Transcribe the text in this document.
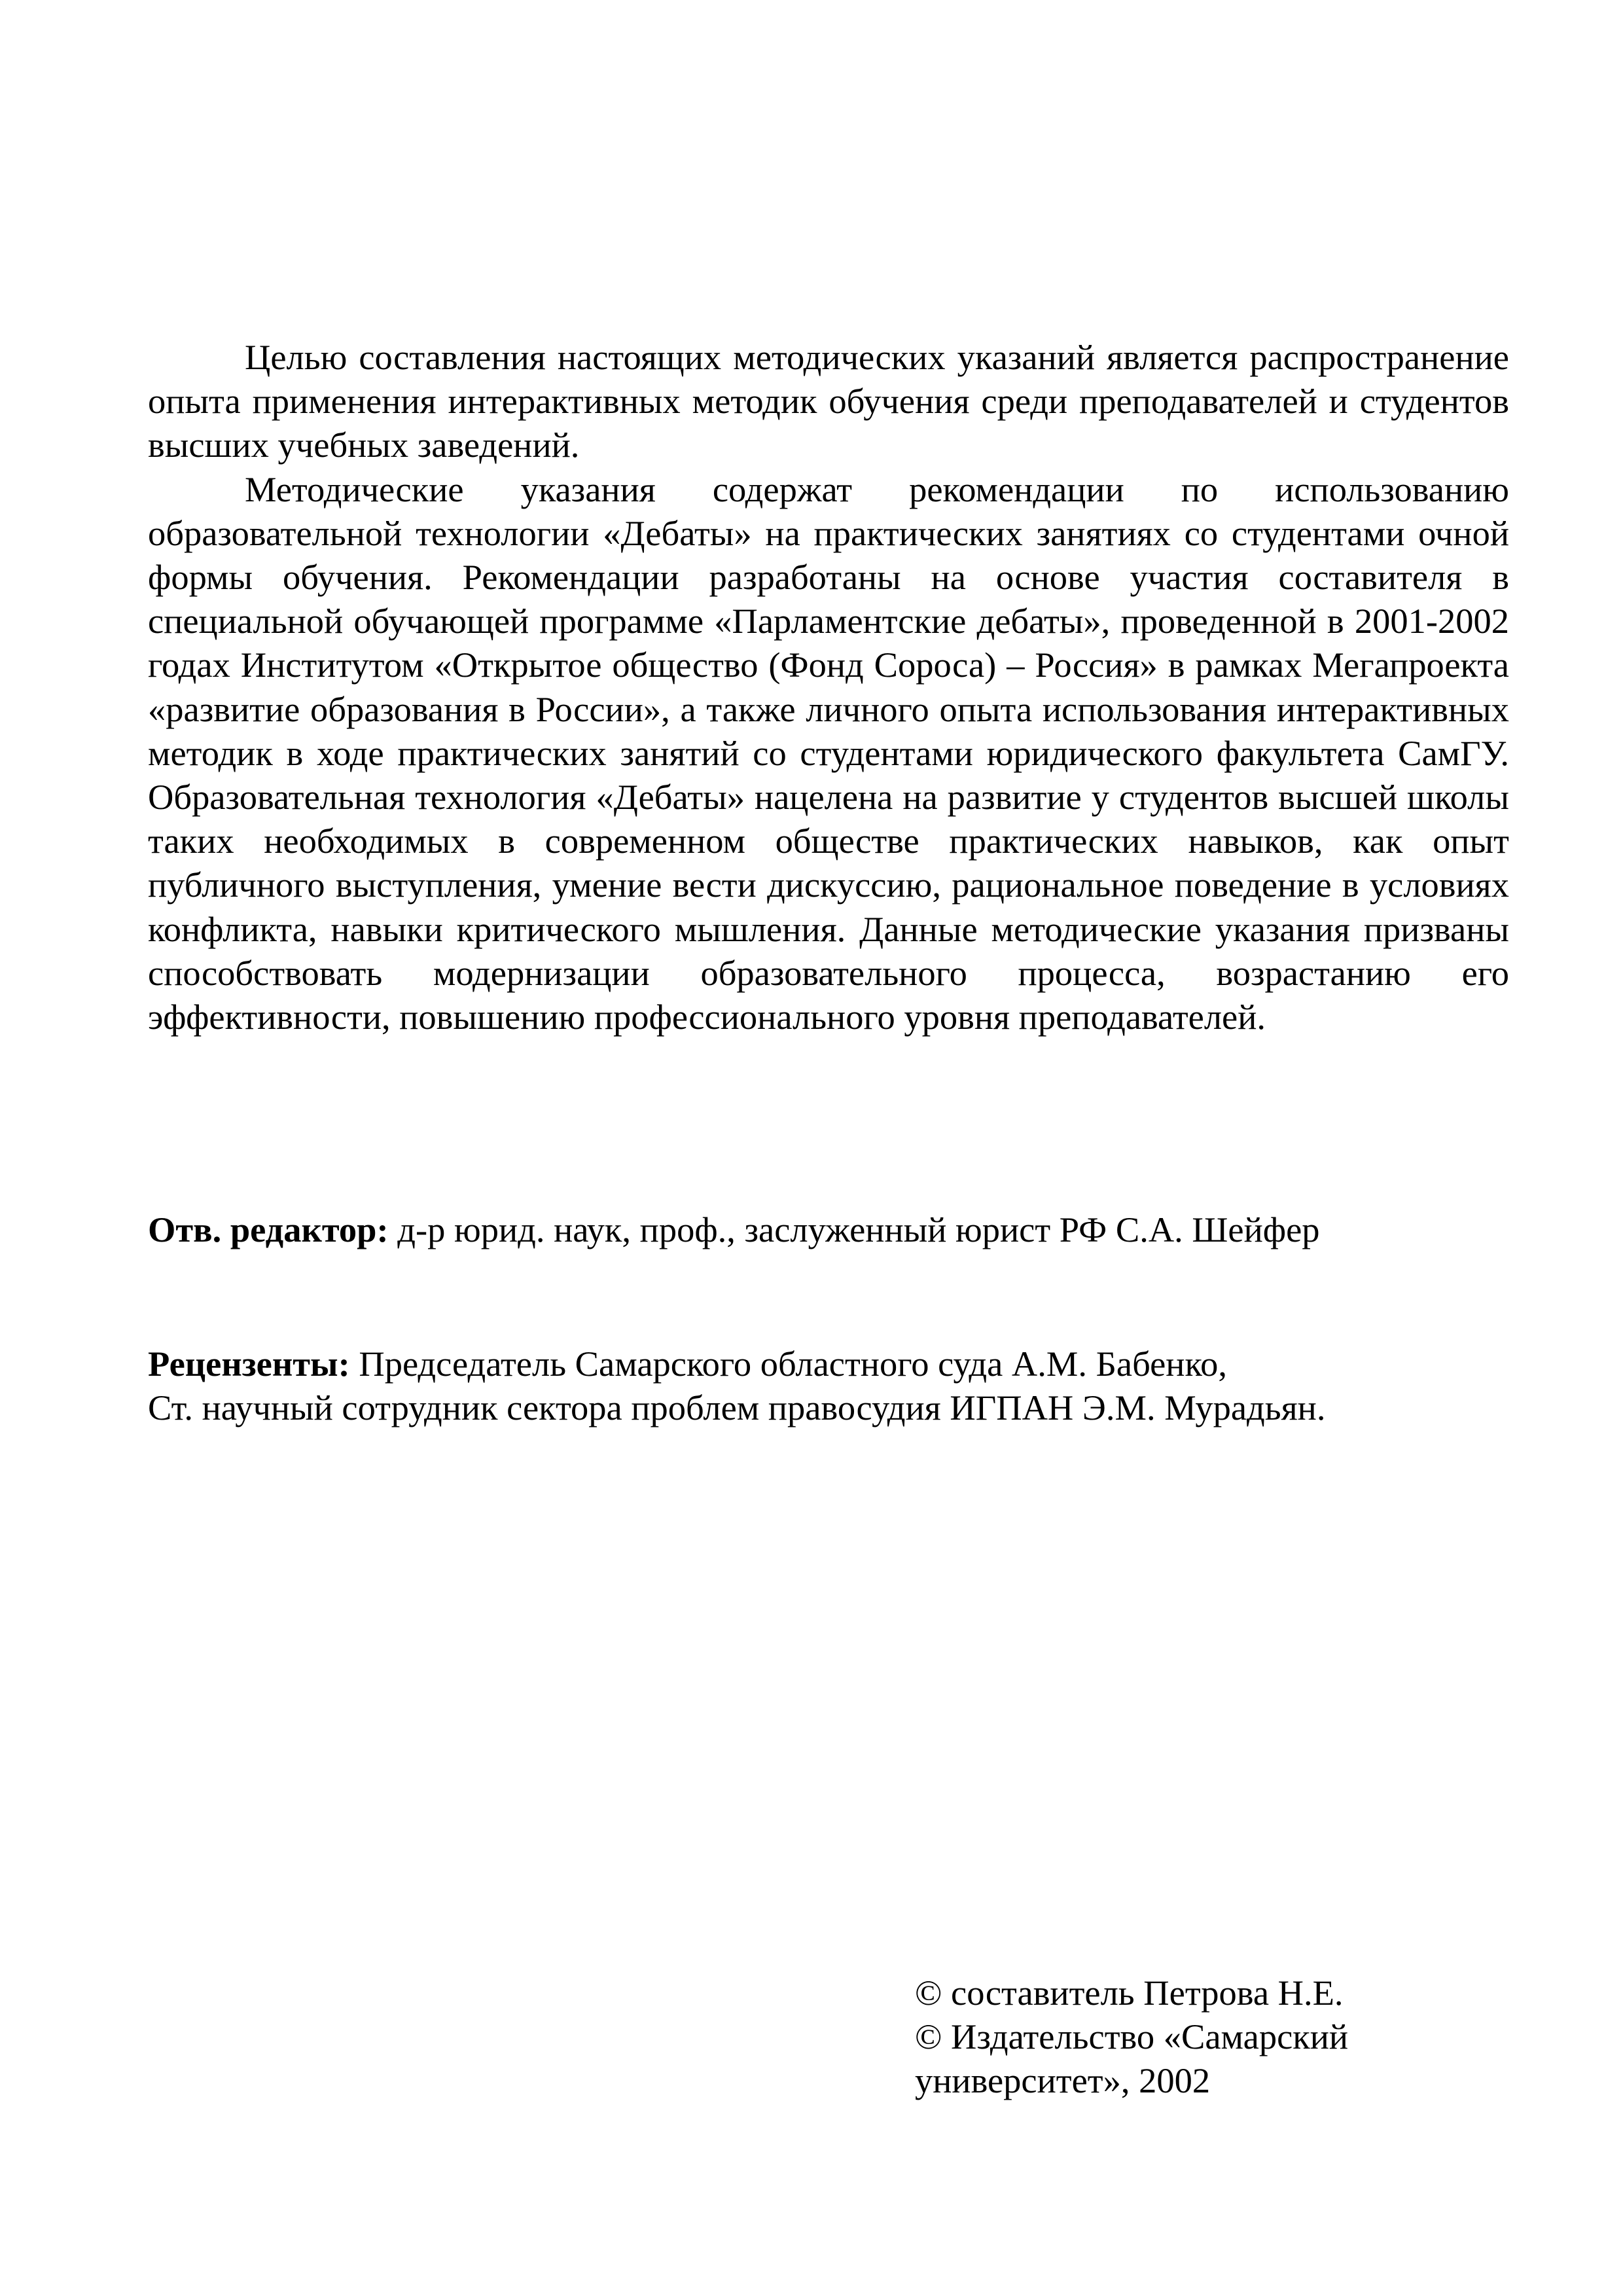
Целью составления настоящих методических указаний является распространение опыта применения интерактивных методик обучения среди преподавателей и студентов высших учебных заведений.

Методические указания содержат рекомендации по использованию образовательной технологии «Дебаты» на практических занятиях со студентами очной формы обучения. Рекомендации разработаны на основе участия составителя в специальной обучающей программе «Парламентские дебаты», проведенной в 2001-2002 годах Институтом «Открытое общество (Фонд Сороса) – Россия» в рамках Мегапроекта «развитие образования в России», а также личного опыта использования интерактивных методик в ходе практических занятий со студентами юридического факультета СамГУ. Образовательная технология «Дебаты» нацелена на развитие у студентов высшей школы таких необходимых в современном обществе практических навыков, как опыт публичного выступления, умение вести дискуссию, рациональное поведение в условиях конфликта, навыки критического мышления. Данные методические указания призваны способствовать модернизации образовательного процесса, возрастанию его эффективности, повышению профессионального уровня преподавателей.

Отв. редактор: д-р юрид. наук, проф., заслуженный юрист РФ С.А. Шейфер

Рецензенты: Председатель Самарского областного суда А.М. Бабенко,

Ст. научный сотрудник сектора проблем правосудия ИГПАН Э.М. Мурадьян.

© составитель Петрова Н.Е.

© Издательство «Самарский

университет», 2002
